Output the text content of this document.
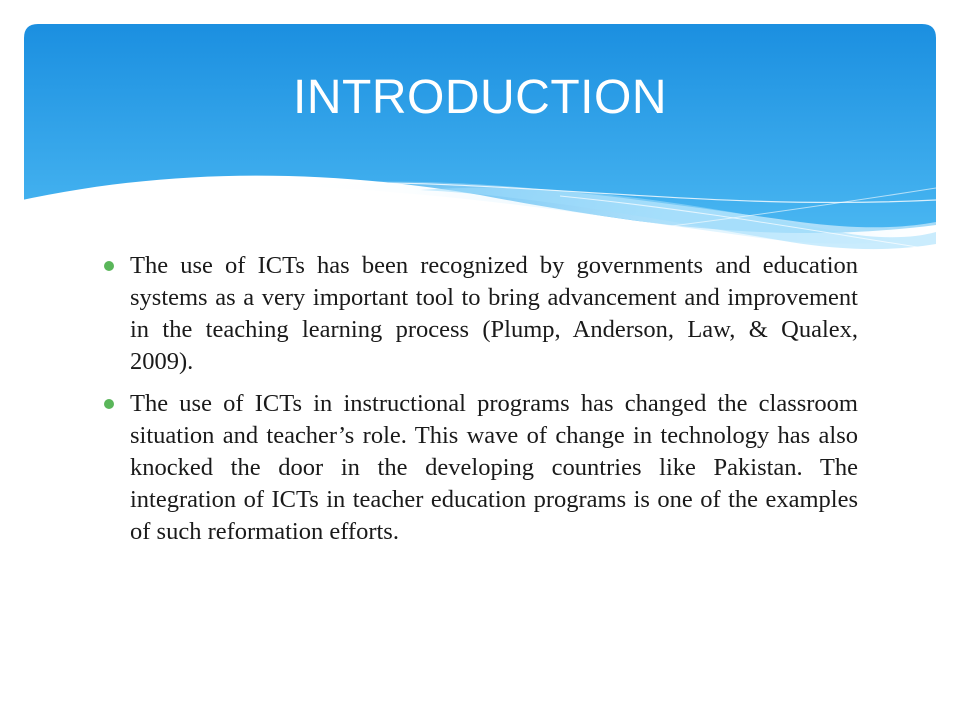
INTRODUCTION
The use of ICTs has been recognized by governments and education systems as a very important tool to bring advancement and improvement in the teaching learning process (Plump, Anderson, Law, & Qualex, 2009).
The use of ICTs in instructional programs has changed the classroom situation and teacher’s role. This wave of change in technology has also knocked the door in the developing countries like Pakistan. The integration of ICTs in teacher education programs is one of the examples of such reformation efforts.
